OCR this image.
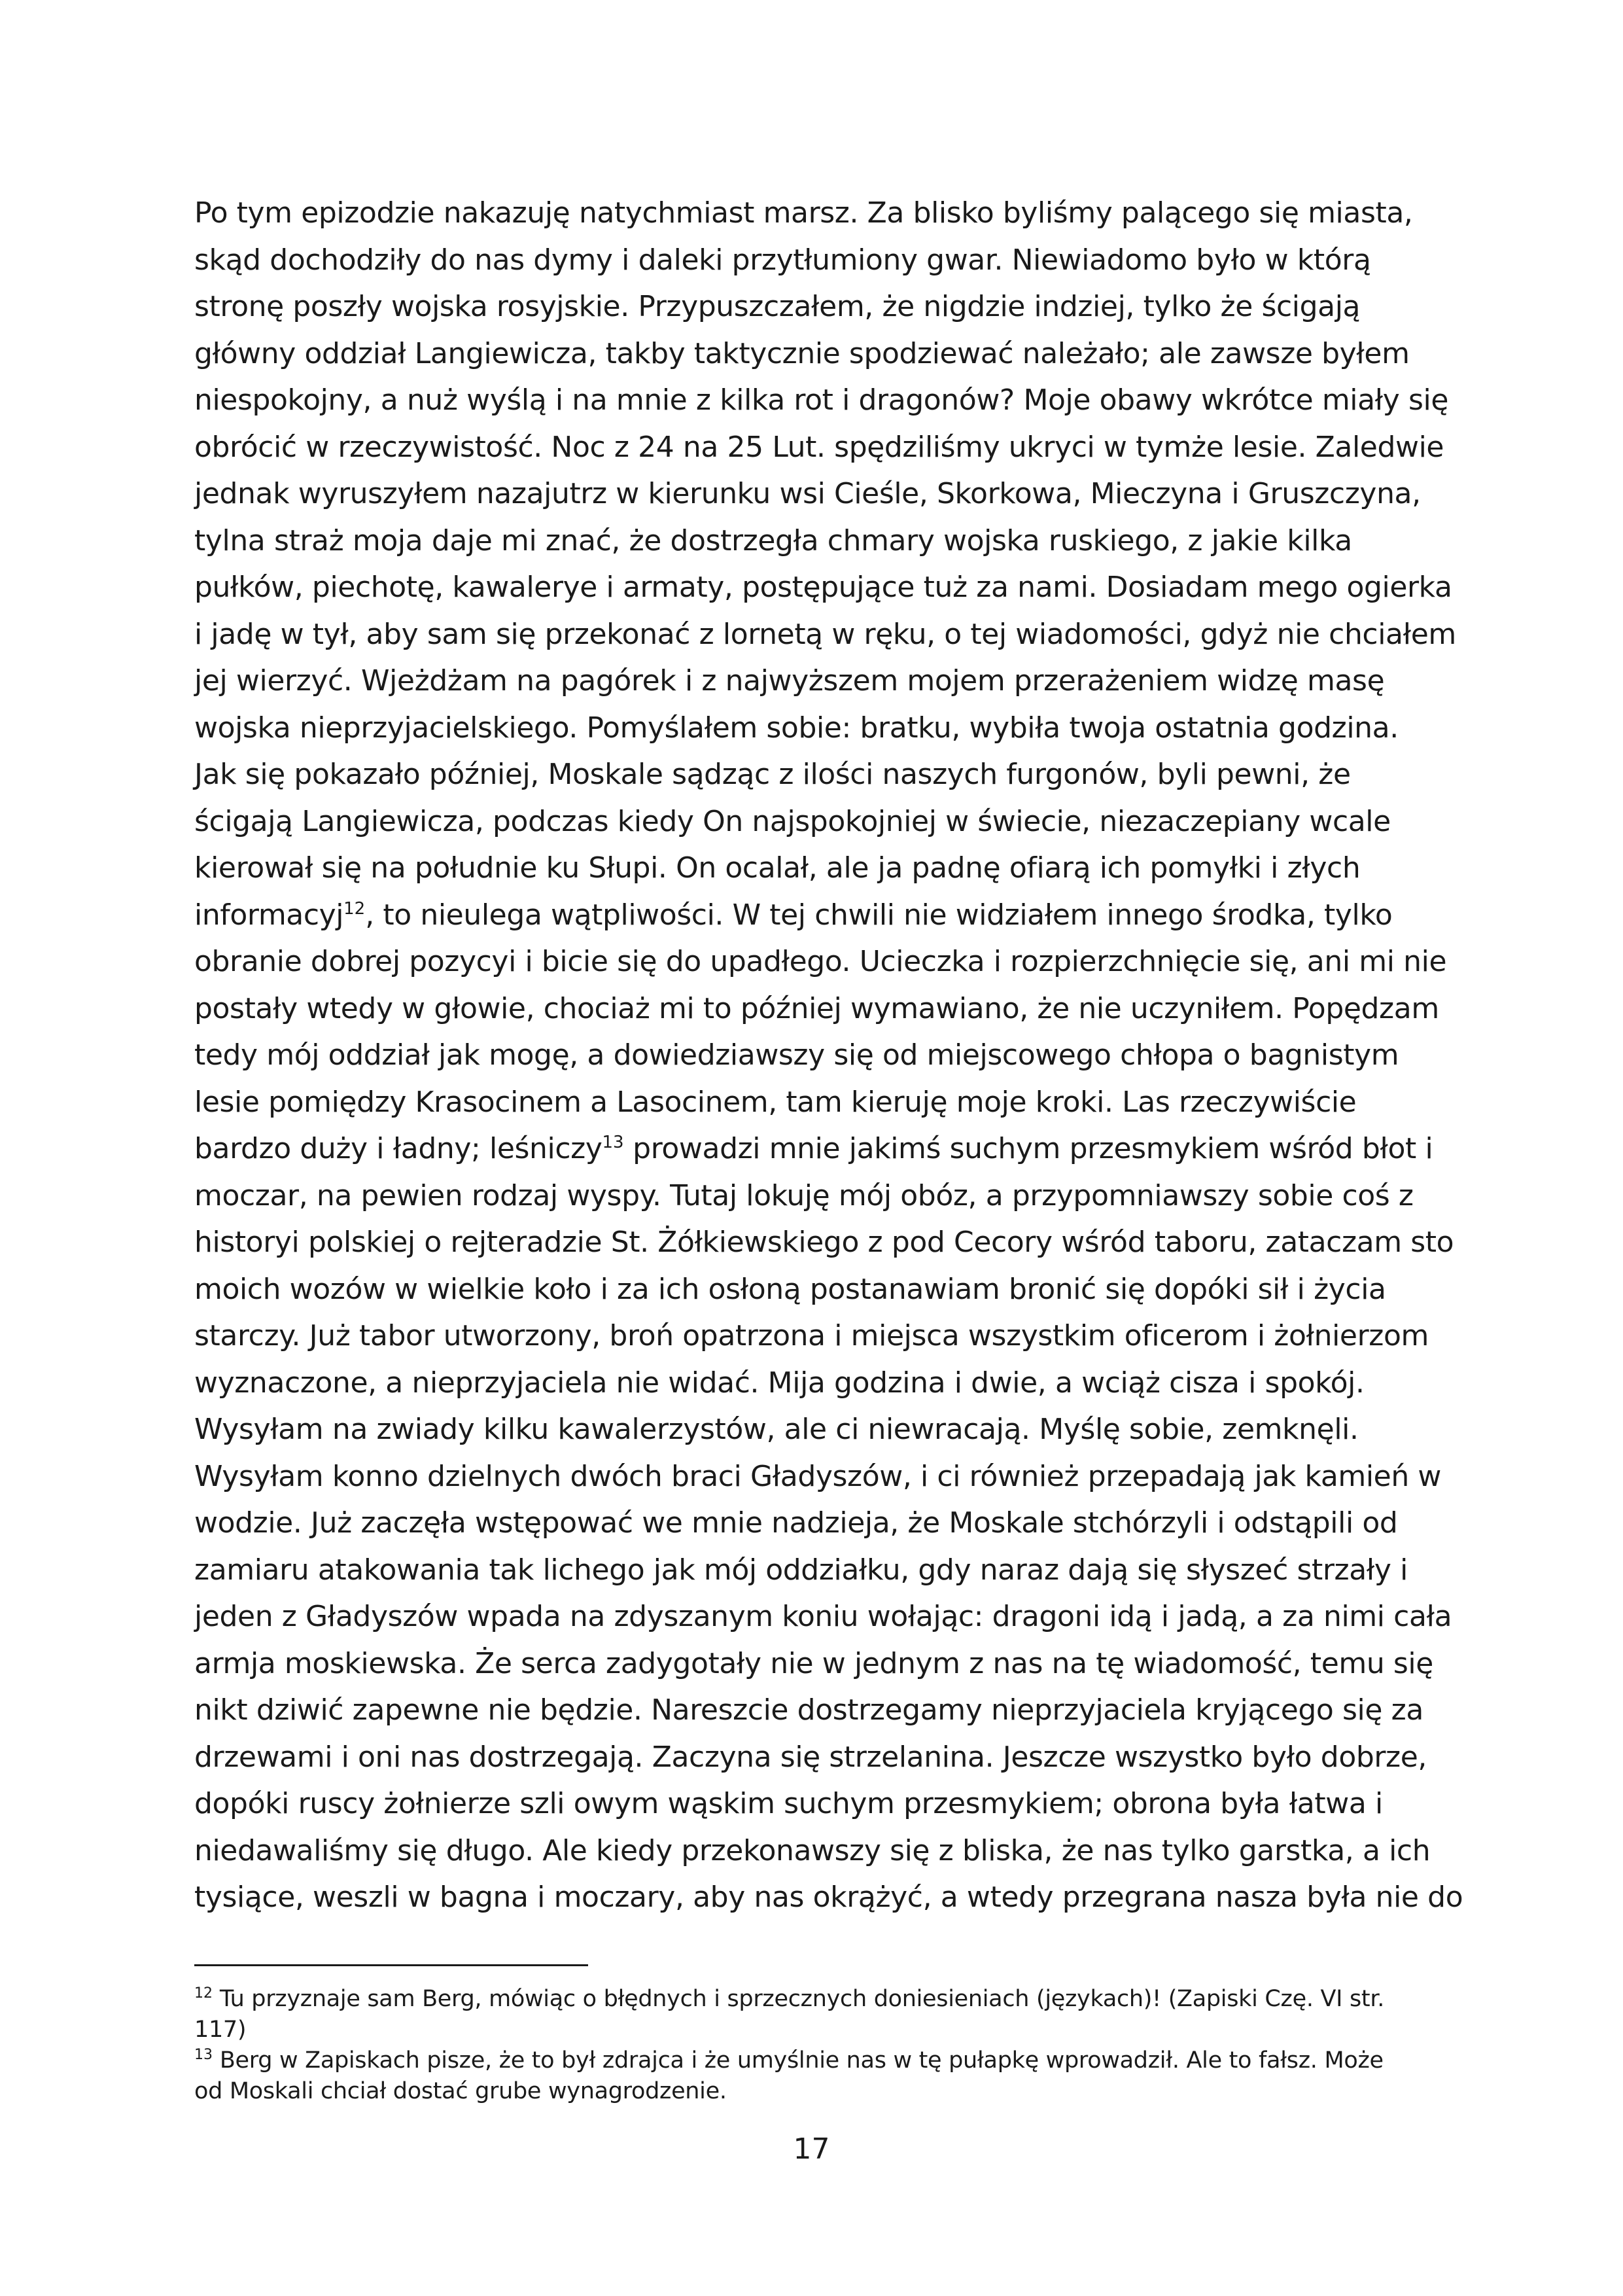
Po tym epizodzie nakazuję natychmiast marsz. Za blisko byliśmy palącego się miasta,
skąd dochodziły do nas dymy i daleki przytłumiony gwar. Niewiadomo było w którą
stronę poszły wojska rosyjskie. Przypuszczałem, że nigdzie indziej, tylko że ścigają
główny oddział Langiewicza, takby taktycznie spodziewać należało; ale zawsze byłem
niespokojny, a nuż wyślą i na mnie z kilka rot i dragonów? Moje obawy wkrótce miały się
obrócić w rzeczywistość. Noc z 24 na 25 Lut. spędziliśmy ukryci w tymże lesie. Zaledwie
jednak wyruszyłem nazajutrz w kierunku wsi Cieśle, Skorkowa, Mieczyna i Gruszczyna,
tylna straż moja daje mi znać, że dostrzegła chmary wojska ruskiego, z jakie kilka
pułków, piechotę, kawalerye i armaty, postępujące tuż za nami. Dosiadam mego ogierka
i jadę w tył, aby sam się przekonać z lornetą w ręku, o tej wiadomości, gdyż nie chciałem
jej wierzyć. Wjeżdżam na pagórek i z najwyższem mojem przerażeniem widzę masę
wojska nieprzyjacielskiego. Pomyślałem sobie: bratku, wybiła twoja ostatnia godzina.
Jak się pokazało później, Moskale sądząc z ilości naszych furgonów, byli pewni, że
ścigają Langiewicza, podczas kiedy On najspokojniej w świecie, niezaczepiany wcale
kierował się na południe ku Słupi. On ocalał, ale ja padnę ofiarą ich pomyłki i złych
informacyj$^{12}$, to nieulega wątpliwości. W tej chwili nie widziałem innego środka, tylko
obranie dobrej pozycyi i bicie się do upadłego. Ucieczka i rozpierzchnięcie się, ani mi nie
postały wtedy w głowie, chociaż mi to później wymawiano, że nie uczyniłem. Popędzam
tedy mój oddział jak mogę, a dowiedziawszy się od miejscowego chłopa o bagnistym
lesie pomiędzy Krasocinem a Lasocinem, tam kieruję moje kroki. Las rzeczywiście
bardzo duży i ładny; leśniczy$^{13}$ prowadzi mnie jakimś suchym przesmykiem wśród błot i
moczar, na pewien rodzaj wyspy. Tutaj lokuję mój obóz, a przypomniawszy sobie coś z
historyi polskiej o rejteradzie St. Żółkiewskiego z pod Cecory wśród taboru, zataczam sto
moich wozów w wielkie koło i za ich osłoną postanawiam bronić się dopóki sił i życia
starczy. Już tabor utworzony, broń opatrzona i miejsca wszystkim oficerom i żołnierzom
wyznaczone, a nieprzyjaciela nie widać. Mija godzina i dwie, a wciąż cisza i spokój.
Wysyłam na zwiady kilku kawalerzystów, ale ci niewracają. Myślę sobie, zemknęli.
Wysyłam konno dzielnych dwóch braci Gładyszów, i ci również przepadają jak kamień w
wodzie. Już zaczęła wstępować we mnie nadzieja, że Moskale stchórzyli i odstąpili od
zamiaru atakowania tak lichego jak mój oddziałku, gdy naraz dają się słyszeć strzały i
jeden z Gładyszów wpada na zdyszanym koniu wołając: dragoni idą i jadą, a za nimi cała
armja moskiewska. Że serca zadygotały nie w jednym z nas na tę wiadomość, temu się
nikt dziwić zapewne nie będzie. Nareszcie dostrzegamy nieprzyjaciela kryjącego się za
drzewami i oni nas dostrzegają. Zaczyna się strzelanina. Jeszcze wszystko było dobrze,
dopóki ruscy żołnierze szli owym wąskim suchym przesmykiem; obrona była łatwa i
niedawaliśmy się długo. Ale kiedy przekonawszy się z bliska, że nas tylko garstka, a ich
tysiące, weszli w bagna i moczary, aby nas okrążyć, a wtedy przegrana nasza była nie do
$^{12}$ Tu przyznaje sam Berg, mówiąc o błędnych i sprzecznych doniesieniach (językach)! (Zapiski Czę. VI str.
117)
$^{13}$ Berg w Zapiskach pisze, że to był zdrajca i że umyślnie nas w tę pułapkę wprowadził. Ale to fałsz. Może
od Moskali chciał dostać grube wynagrodzenie.
17
